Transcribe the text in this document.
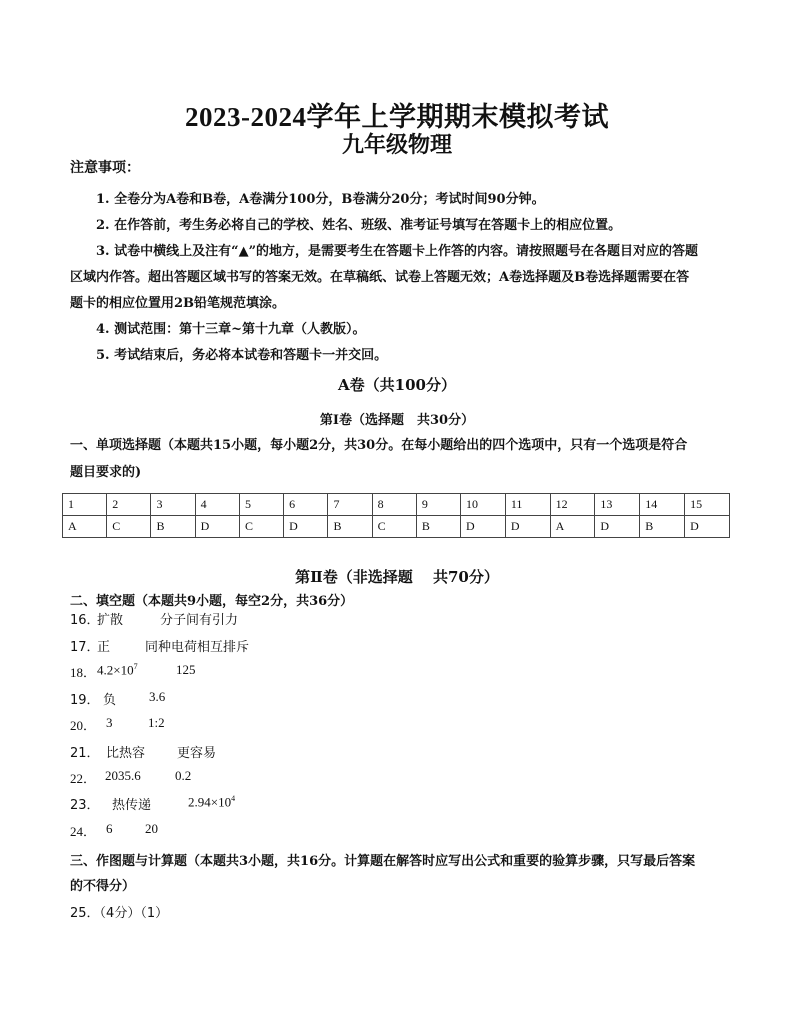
2023-2024学年上学期期末模拟考试
九年级物理
注意事项：
1. 全卷分为A卷和B卷，A卷满分100分，B卷满分20分；考试时间90分钟。
2. 在作答前，考生务必将自己的学校、姓名、班级、准考证号填写在答题卡上的相应位置。
3. 试卷中横线上及注有“▲”的地方，是需要考生在答题卡上作答的内容。请按照题号在各题目对应的答题
区域内作答。超出答题区域书写的答案无效。在草稿纸、试卷上答题无效；A卷选择题及B卷选择题需要在答
题卡的相应位置用2B铅笔规范填涂。
4. 测试范围：第十三章~第十九章（人教版）。
5. 考试结束后，务必将本试卷和答题卡一并交回。
A卷（共100分）
第Ⅰ卷（选择题　共30分）
一、单项选择题（本题共15小题，每小题2分，共30分。在每小题给出的四个选项中，只有一个选项是符合
题目要求的)
1	2	3	4	5	6	7	8	9	10	11	12	13	14	15
A	C	B	D	C	D	B	C	B	D	D	A	D	B	D
第Ⅱ卷（非选择题　 共70分）
二、填空题（本题共9小题，每空2分，共36分）
16．
扩散	分子间有引力
17．
正	同种电荷相互排斥
18． $4.2\times 10^7$	125
19． 负	3.6
20． 3	1:2
21． 比热容 更容易
22． 2035.6	0.2
23． 热传递	$2.94\times 10^4$
24． 6	20
三、作图题与计算题（本题共3小题，共16分。计算题在解答时应写出公式和重要的验算步骤，只写最后答案
的不得分）
25．（4分）（1）
